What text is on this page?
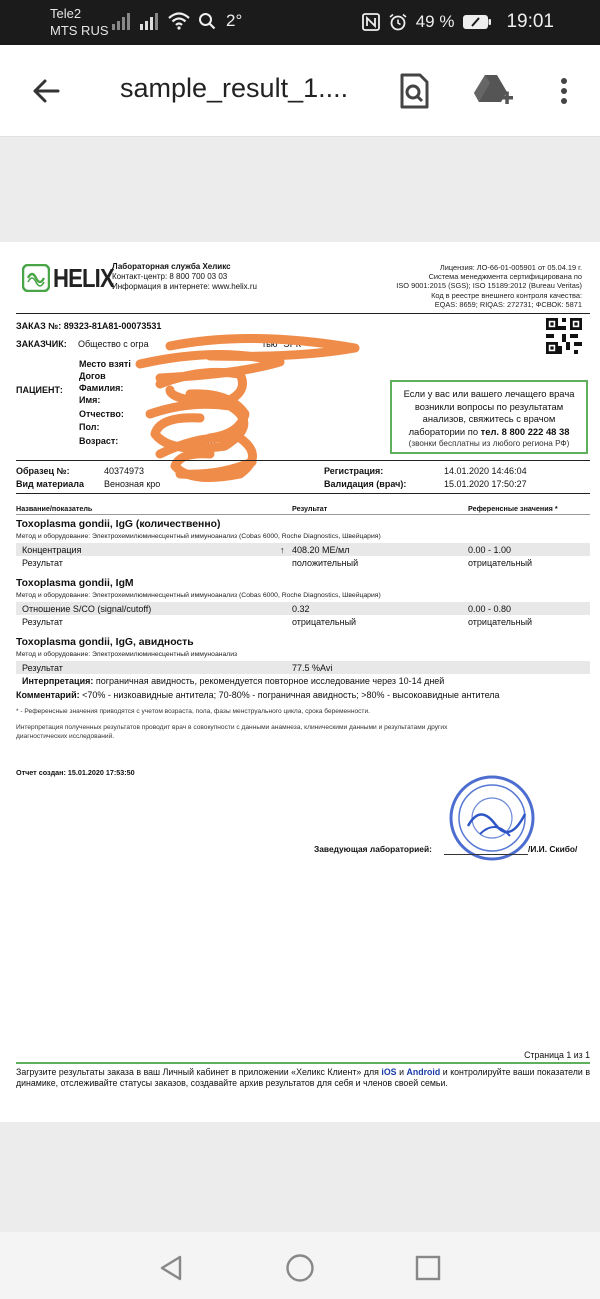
Tele2
MTS RUS
2°	49 %	19:01
sample_result_1....
HELIX
Лабораторная служба Хеликс
Контакт-центр: 8 800 700 03 03
Информация в интернете: www.helix.ru
Лицензия: ЛО-66-01-005901 от 05.04.19 г.
Система менеджмента сертифицирована по
ISO 9001:2015 (SGS); ISO 15189:2012 (Bureau Veritas)
Код в реестре внешнего контроля качества:
EQAS: 8659; RIQAS: 272731; ФСВОК: 5871
ЗАКАЗ №: 89323-81A81-00073531
ЗАКАЗЧИК: Общество с огра	тью "ЭРК"
ПАЦИЕНТ:
Место взяті
Догов
Фамилия:
Имя:
Отчество:
Пол:
Возраст:	9 (3
Если у вас или вашего лечащего врача
возникли вопросы по результатам
анализов, свяжитесь с врачом
лаборатории по тел. 8 800 222 48 38
(звонки бесплатны из любого региона РФ)
Образец №:	40374973
Вид материала Венозная кро
Регистрация:	14.01.2020 14:46:04
Валидация (врач):	15.01.2020 17:50:27
Название/показатель	Результат	Референсные значения *
Toxoplasma gondii, IgG (количественно)
Метод и оборудование: Электрохемилюминесцентный иммуноанализ (Cobas 6000, Roche Diagnostics, Швейцария)
Концентрация	↑ 408.20 МЕ/мл	0.00 - 1.00
Результат	положительный	отрицательный
Toxoplasma gondii, IgM
Метод и оборудование: Электрохемилюминесцентный иммуноанализ (Cobas 6000, Roche Diagnostics, Швейцария)
Отношение S/CO (signal/cutoff)	0.32	0.00 - 0.80
Результат	отрицательный	отрицательный
Toxoplasma gondii, IgG, авидность
Метод и оборудование: Электрохемилюминесцентный иммуноанализ
Результат	77.5 %Avi
Интерпретация: пограничная авидность, рекомендуется повторное исследование через 10-14 дней
Комментарий: <70% - низкоавидные антитела; 70-80% - пограничная авидность; >80% - высокоавидные антитела
* - Референсные значения приводятся с учетом возраста, пола, фазы менструального цикла, срока беременности.
Интерпретация полученных результатов проводит врач в совокупности с данными анамнеза, клиническими данными и результатами других
диагностических исследований.
Отчет создан: 15.01.2020 17:53:50
Заведующая лабораторией:	/И.И. Скибо/
Страница 1 из 1
Загрузите результаты заказа в ваш Личный кабинет в приложении «Хеликс Клиент» для iOS и Android и контролируйте ваши показатели в динамике, отслеживайте статусы заказов, создавайте архив результатов для себя и членов своей семьи.
